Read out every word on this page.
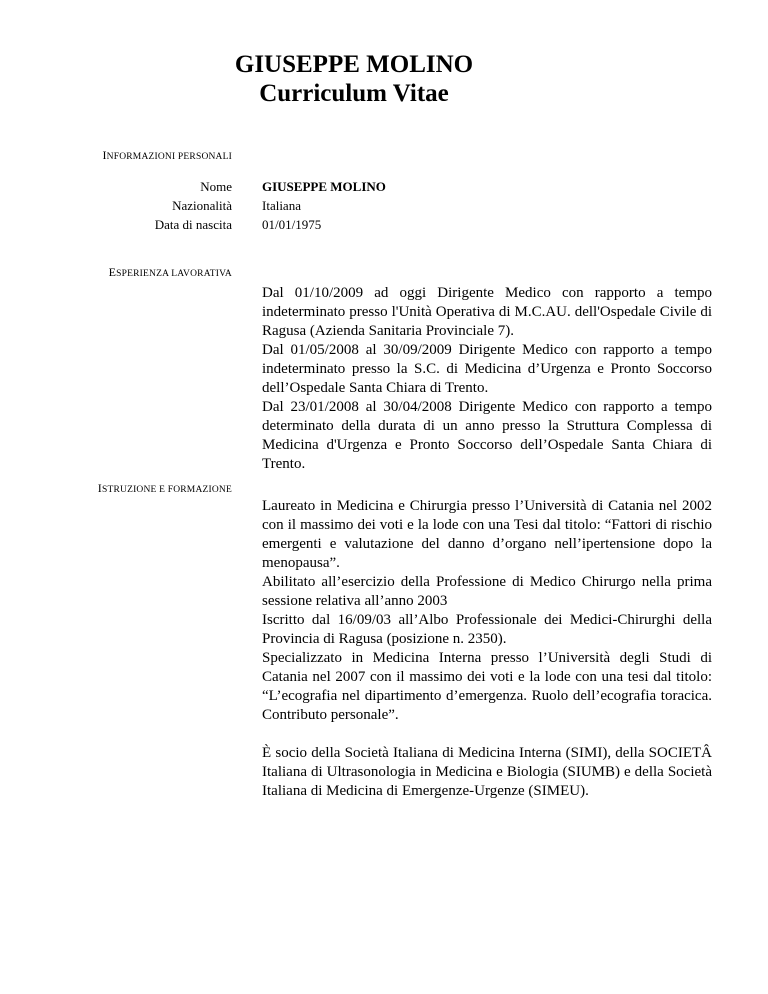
GIUSEPPE MOLINO
Curriculum Vitae
INFORMAZIONI PERSONALI
Nome
Nazionalità
Data di nascita
GIUSEPPE MOLINO
Italiana
01/01/1975
ESPERIENZA LAVORATIVA

Dal 01/10/2009 ad oggi Dirigente Medico con rapporto a tempo indeterminato presso l'Unità Operativa di M.C.AU. dell'Ospedale Civile di Ragusa (Azienda Sanitaria Provinciale 7).

Dal 01/05/2008 al 30/09/2009 Dirigente Medico con rapporto a tempo indeterminato presso la S.C. di Medicina d’Urgenza e Pronto Soccorso dell’Ospedale Santa Chiara di Trento.

Dal 23/01/2008 al 30/04/2008 Dirigente Medico con rapporto a tempo determinato della durata di un anno presso la Struttura Complessa di Medicina d'Urgenza e Pronto Soccorso dell’Ospedale Santa Chiara di Trento.

ISTRUZIONE E FORMAZIONE

Laureato in Medicina e Chirurgia presso l’Università di Catania nel 2002 con il massimo dei voti e la lode con una Tesi dal titolo: “Fattori di rischio emergenti e valutazione del danno d’organo nell’ipertensione dopo la menopausa”.

Abilitato all’esercizio della Professione di Medico Chirurgo nella prima sessione relativa all’anno 2003

Iscritto dal 16/09/03 all’Albo Professionale dei Medici-Chirurghi della Provincia di Ragusa (posizione n. 2350).

Specializzato in Medicina Interna presso l’Università degli Studi di Catania nel 2007 con il massimo dei voti e la lode con una tesi dal titolo: “L’ecografia nel dipartimento d’emergenza. Ruolo dell’ecografia toracica. Contributo personale”.

È socio della Società Italiana di Medicina Interna (SIMI), della SOCIETÂ Italiana di Ultrasonologia in Medicina e Biologia (SIUMB) e della Società Italiana di Medicina di Emergenze-Urgenze (SIMEU).
